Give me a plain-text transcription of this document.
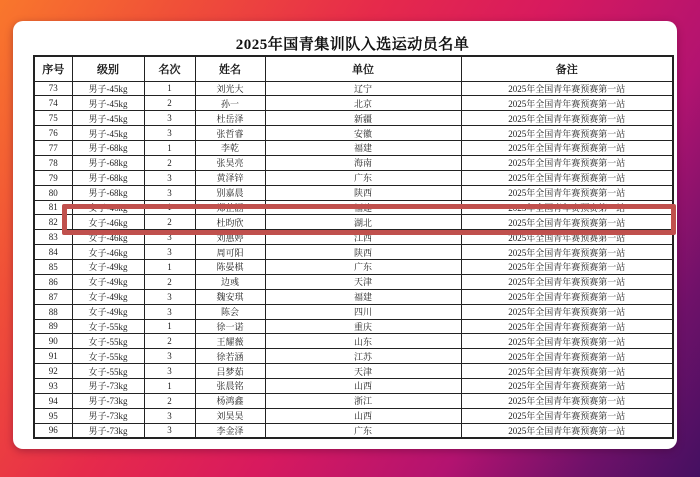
2025年国青集训队入选运动员名单
序号	级别	名次	姓名	单位	备注
73	男子-45kg	1	刘光大	辽宁	2025年全国青年赛预赛第一站
74	男子-45kg	2	孙一	北京	2025年全国青年赛预赛第一站
75	男子-45kg	3	杜岳泽	新疆	2025年全国青年赛预赛第一站
76	男子-45kg	3	张哲睿	安徽	2025年全国青年赛预赛第一站
77	男子-68kg	1	李乾	福建	2025年全国青年赛预赛第一站
78	男子-68kg	2	张昊亮	海南	2025年全国青年赛预赛第一站
79	男子-68kg	3	黄泽锌	广东	2025年全国青年赛预赛第一站
80	男子-68kg	3	别嘉晨	陕西	2025年全国青年赛预赛第一站
81	女子-46kg	1	郑芷涵	福建	2025年全国青年赛预赛第一站
82	女子-46kg	2	杜昀欣	湖北	2025年全国青年赛预赛第一站
83	女子-46kg	3	刘惠婷	江西	2025年全国青年赛预赛第一站
84	女子-46kg	3	周可阳	陕西	2025年全国青年赛预赛第一站
85	女子-49kg	1	陈晏棋	广东	2025年全国青年赛预赛第一站
86	女子-49kg	2	边彧	天津	2025年全国青年赛预赛第一站
87	女子-49kg	3	魏安琪	福建	2025年全国青年赛预赛第一站
88	女子-49kg	3	陈会	四川	2025年全国青年赛预赛第一站
89	女子-55kg	1	徐一诺	重庆	2025年全国青年赛预赛第一站
90	女子-55kg	2	王耀薇	山东	2025年全国青年赛预赛第一站
91	女子-55kg	3	徐若涵	江苏	2025年全国青年赛预赛第一站
92	女子-55kg	3	吕梦茹	天津	2025年全国青年赛预赛第一站
93	男子-73kg	1	张晨铭	山西	2025年全国青年赛预赛第一站
94	男子-73kg	2	杨鸿鑫	浙江	2025年全国青年赛预赛第一站
95	男子-73kg	3	刘昊昊	山西	2025年全国青年赛预赛第一站
96	男子-73kg	3	李金泽	广东	2025年全国青年赛预赛第一站
